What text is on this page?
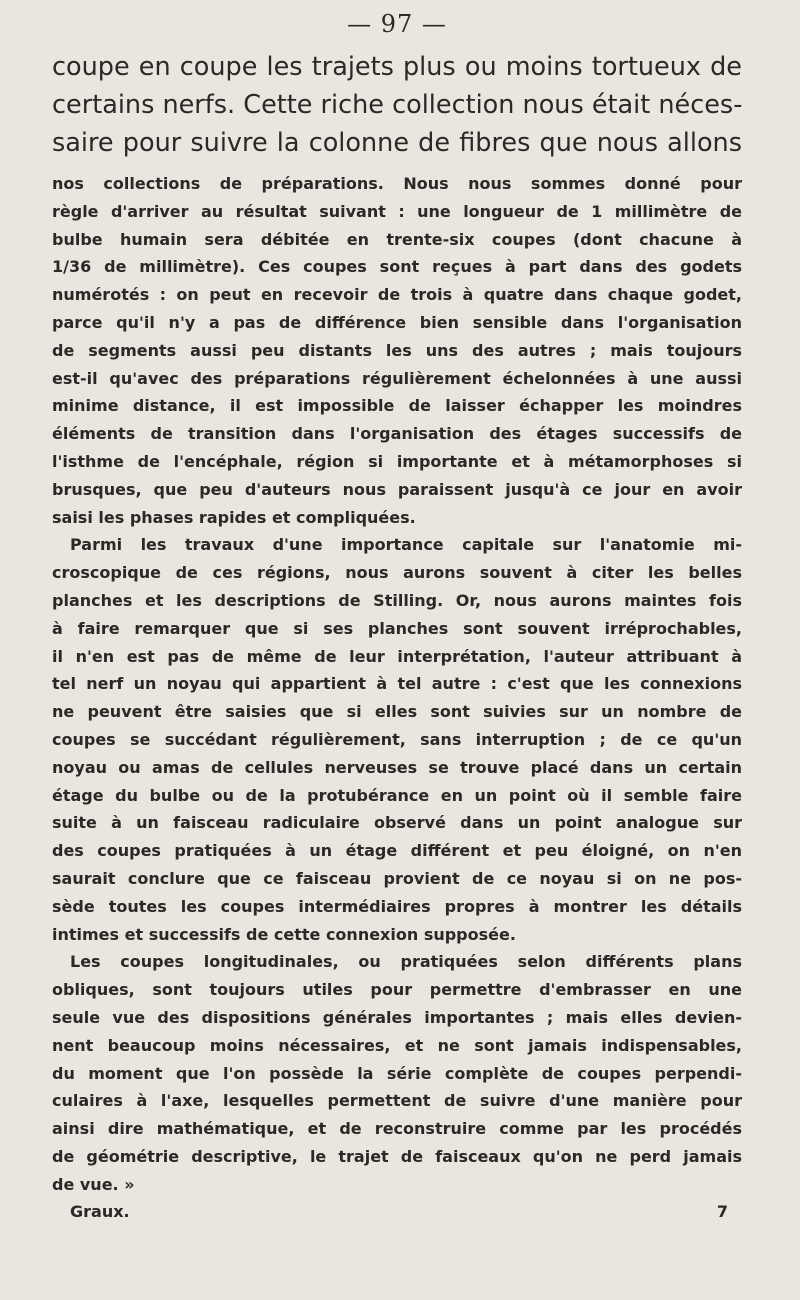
— 97 —
coupe en coupe les trajets plus ou moins tortueux de
certains nerfs. Cette riche collection nous était néces-
saire pour suivre la colonne de fibres que nous allons
nos collections de préparations. Nous nous sommes donné pour
règle d'arriver au résultat suivant : une longueur de 1 millimètre de
bulbe humain sera débitée en trente-six coupes (dont chacune à
1/36 de millimètre). Ces coupes sont reçues à part dans des godets
numérotés : on peut en recevoir de trois à quatre dans chaque godet,
parce qu'il n'y a pas de différence bien sensible dans l'organisation
de segments aussi peu distants les uns des autres ; mais toujours
est-il qu'avec des préparations régulièrement échelonnées à une aussi
minime distance, il est impossible de laisser échapper les moindres
éléments de transition dans l'organisation des étages successifs de
l'isthme de l'encéphale, région si importante et à métamorphoses si
brusques, que peu d'auteurs nous paraissent jusqu'à ce jour en avoir
saisi les phases rapides et compliquées.
Parmi les travaux d'une importance capitale sur l'anatomie mi-
croscopique de ces régions, nous aurons souvent à citer les belles
planches et les descriptions de Stilling. Or, nous aurons maintes fois
à faire remarquer que si ses planches sont souvent irréprochables,
il n'en est pas de même de leur interprétation, l'auteur attribuant à
tel nerf un noyau qui appartient à tel autre : c'est que les connexions
ne peuvent être saisies que si elles sont suivies sur un nombre de
coupes se succédant régulièrement, sans interruption ; de ce qu'un
noyau ou amas de cellules nerveuses se trouve placé dans un certain
étage du bulbe ou de la protubérance en un point où il semble faire
suite à un faisceau radiculaire observé dans un point analogue sur
des coupes pratiquées à un étage différent et peu éloigné, on n'en
saurait conclure que ce faisceau provient de ce noyau si on ne pos-
sède toutes les coupes intermédiaires propres à montrer les détails
intimes et successifs de cette connexion supposée.
Les coupes longitudinales, ou pratiquées selon différents plans
obliques, sont toujours utiles pour permettre d'embrasser en une
seule vue des dispositions générales importantes ; mais elles devien-
nent beaucoup moins nécessaires, et ne sont jamais indispensables,
du moment que l'on possède la série complète de coupes perpendi-
culaires à l'axe, lesquelles permettent de suivre d'une manière pour
ainsi dire mathématique, et de reconstruire comme par les procédés
de géométrie descriptive, le trajet de faisceaux qu'on ne perd jamais
de vue. »
Graux.	7
